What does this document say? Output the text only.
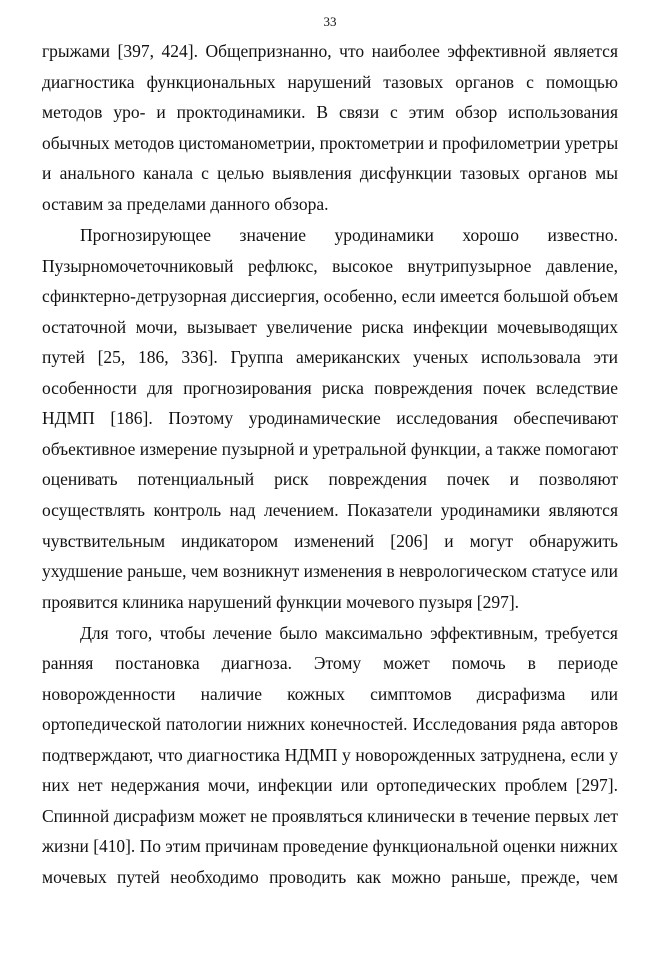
33
грыжами [397, 424]. Общепризнанно, что наиболее эффективной является
диагностика функциональных нарушений тазовых органов с помощью
методов уро- и проктодинамики. В связи с этим обзор использования
обычных методов цистоманометрии, проктометрии и профилометрии уретры
и анального канала с целью выявления дисфункции тазовых органов мы
оставим за пределами данного обзора.
Прогнозирующее значение уродинамики хорошо известно.
Пузырномочеточниковый рефлюкс, высокое внутрипузырное давление,
сфинктерно-детрузорная диссиергия, особенно, если имеется большой объем
остаточной мочи, вызывает увеличение риска инфекции мочевыводящих
путей [25, 186, 336]. Группа американских ученых использовала эти
особенности для прогнозирования риска повреждения почек вследствие
НДМП [186]. Поэтому уродинамические исследования обеспечивают
объективное измерение пузырной и уретральной функции, а также помогают
оценивать потенциальный риск повреждения почек и позволяют
осуществлять контроль над лечением. Показатели уродинамики являются
чувствительным индикатором изменений [206] и могут обнаружить
ухудшение раньше, чем возникнут изменения в неврологическом статусе или
проявится клиника нарушений функции мочевого пузыря [297].
Для того, чтобы лечение было максимально эффективным, требуется
ранняя постановка диагноза. Этому может помочь в периоде
новорожденности наличие кожных симптомов дисрафизма или
ортопедической патологии нижних конечностей. Исследования ряда авторов
подтверждают, что диагностика НДМП у новорожденных затруднена, если у
них нет недержания мочи, инфекции или ортопедических проблем [297].
Спинной дисрафизм может не проявляться клинически в течение первых лет
жизни [410]. По этим причинам проведение функциональной оценки нижних
мочевых путей необходимо проводить как можно раньше, прежде, чем
